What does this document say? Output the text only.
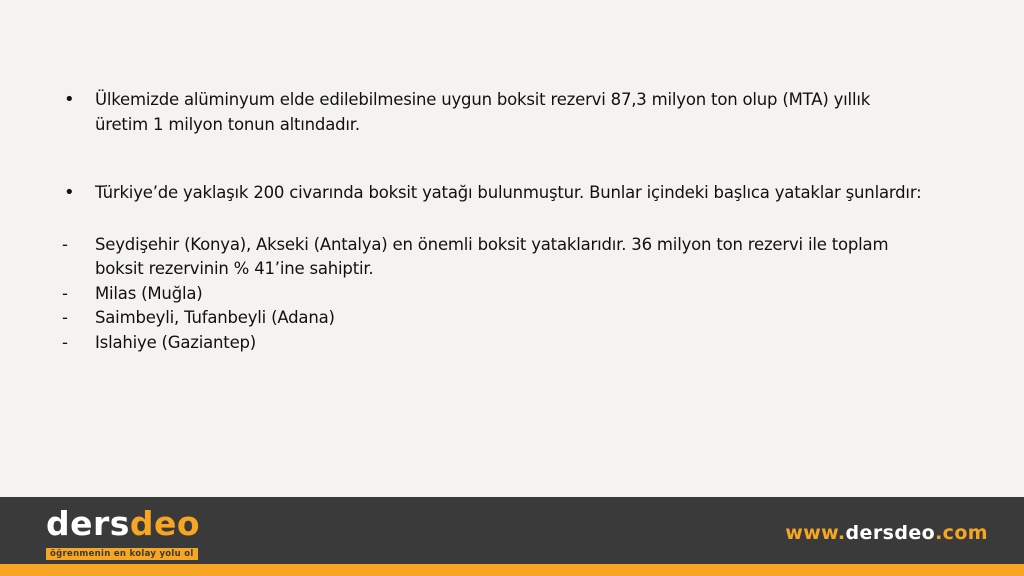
•	Ülkemizde alüminyum elde edilebilmesine uygun boksit rezervi 87,3 milyon ton olup (MTA) yıllık üretim 1 milyon tonun altındadır.
•	Türkiye’de yaklaşık 200 civarında boksit yatağı bulunmuştur. Bunlar içindeki başlıca yataklar şunlardır:
-	Seydişehir (Konya), Akseki (Antalya) en önemli boksit yataklarıdır. 36 milyon ton rezervi ile toplam boksit rezervinin % 41’ine sahiptir.
-	Milas (Muğla)
-	Saimbeyli, Tufanbeyli (Adana)
-	Islahiye (Gaziantep)
dersdeo
öğrenmenin en kolay yolu ol
www.dersdeo.com
